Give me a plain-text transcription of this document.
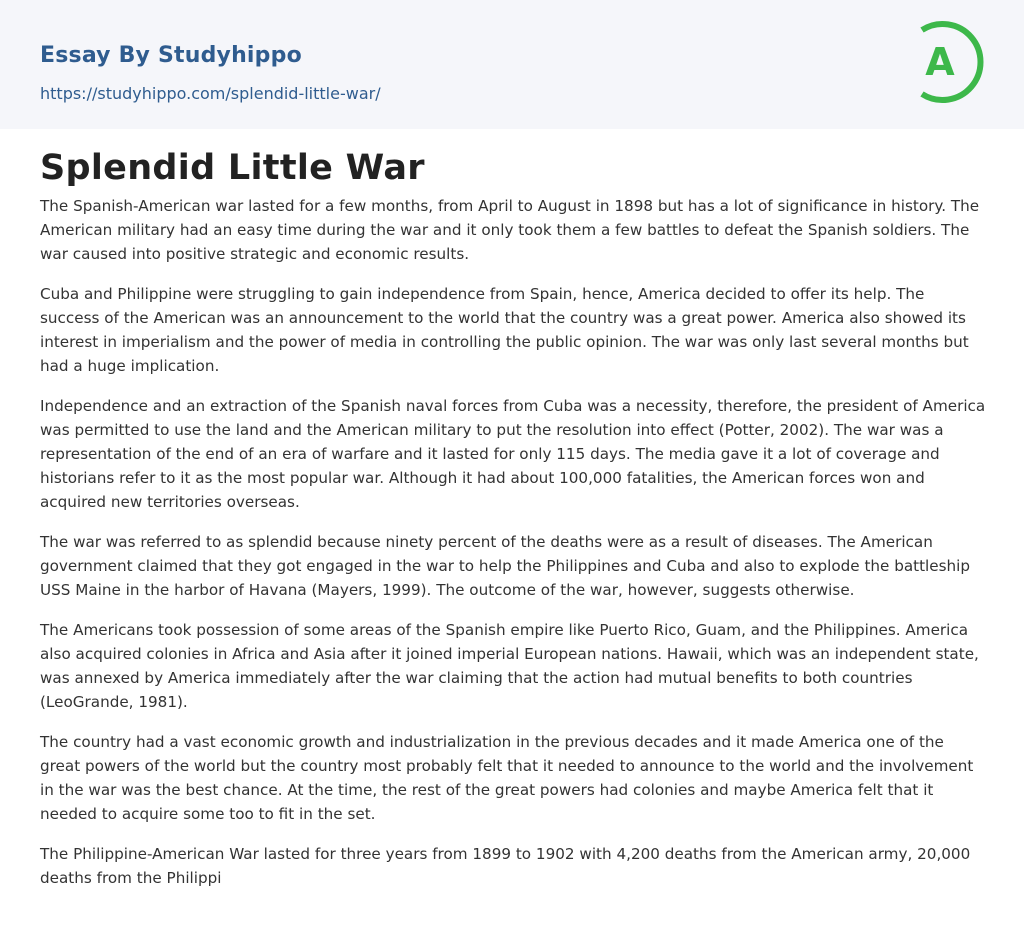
Essay By Studyhippo
https://studyhippo.com/splendid-little-war/
A
Splendid Little War

The Spanish-American war lasted for a few months, from April to August in 1898 but has a lot of significance in history. The American military had an easy time during the war and it only took them a few battles to defeat the Spanish soldiers. The war caused into positive strategic and economic results.

Cuba and Philippine were struggling to gain independence from Spain, hence, America decided to offer its help. The success of the American was an announcement to the world that the country was a great power. America also showed its interest in imperialism and the power of media in controlling the public opinion. The war was only last several months but had a huge implication.

Independence and an extraction of the Spanish naval forces from Cuba was a necessity, therefore, the president of America was permitted to use the land and the American military to put the resolution into effect (Potter, 2002). The war was a representation of the end of an era of warfare and it lasted for only 115 days. The media gave it a lot of coverage and historians refer to it as the most popular war. Although it had about 100,000 fatalities, the American forces won and acquired new territories overseas.

The war was referred to as splendid because ninety percent of the deaths were as a result of diseases. The American government claimed that they got engaged in the war to help the Philippines and Cuba and also to explode the battleship USS Maine in the harbor of Havana (Mayers, 1999). The outcome of the war, however, suggests otherwise.

The Americans took possession of some areas of the Spanish empire like Puerto Rico, Guam, and the Philippines. America also acquired colonies in Africa and Asia after it joined imperial European nations. Hawaii, which was an independent state, was annexed by America immediately after the war claiming that the action had mutual benefits to both countries (LeoGrande, 1981).

The country had a vast economic growth and industrialization in the previous decades and it made America one of the great powers of the world but the country most probably felt that it needed to announce to the world and the involvement in the war was the best chance. At the time, the rest of the great powers had colonies and maybe America felt that it needed to acquire some too to fit in the set.

The Philippine-American War lasted for three years from 1899 to 1902 with 4,200 deaths from the American army, 20,000 deaths from the Philippi
